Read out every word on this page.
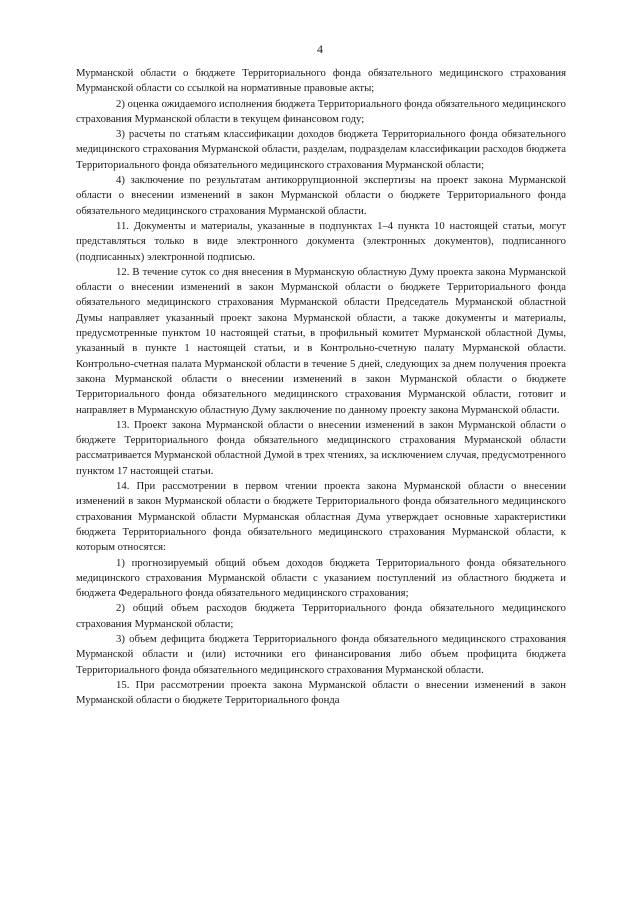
4

Мурманской области о бюджете Территориального фонда обязательного медицинского страхования Мурманской области со ссылкой на нормативные правовые акты;

2) оценка ожидаемого исполнения бюджета Территориального фонда обязательного медицинского страхования Мурманской области в текущем финансовом году;

3) расчеты по статьям классификации доходов бюджета Территориального фонда обязательного медицинского страхования Мурманской области, разделам, подразделам классификации расходов бюджета Территориального фонда обязательного медицинского страхования Мурманской области;

4) заключение по результатам антикоррупционной экспертизы на проект закона Мурманской области о внесении изменений в закон Мурманской области о бюджете Территориального фонда обязательного медицинского страхования Мурманской области.

11. Документы и материалы, указанные в подпунктах 1–4 пункта 10 настоящей статьи, могут представляться только в виде электронного документа (электронных документов), подписанного (подписанных) электронной подписью.

12. В течение суток со дня внесения в Мурманскую областную Думу проекта закона Мурманской области о внесении изменений в закон Мурманской области о бюджете Территориального фонда обязательного медицинского страхования Мурманской области Председатель Мурманской областной Думы направляет указанный проект закона Мурманской области, а также документы и материалы, предусмотренные пунктом 10 настоящей статьи, в профильный комитет Мурманской областной Думы, указанный в пункте 1 настоящей статьи, и в Контрольно-счетную палату Мурманской области. Контрольно-счетная палата Мурманской области в течение 5 дней, следующих за днем получения проекта закона Мурманской области о внесении изменений в закон Мурманской области о бюджете Территориального фонда обязательного медицинского страхования Мурманской области, готовит и направляет в Мурманскую областную Думу заключение по данному проекту закона Мурманской области.

13. Проект закона Мурманской области о внесении изменений в закон Мурманской области о бюджете Территориального фонда обязательного медицинского страхования Мурманской области рассматривается Мурманской областной Думой в трех чтениях, за исключением случая, предусмотренного пунктом 17 настоящей статьи.

14. При рассмотрении в первом чтении проекта закона Мурманской области о внесении изменений в закон Мурманской области о бюджете Территориального фонда обязательного медицинского страхования Мурманской области Мурманская областная Дума утверждает основные характеристики бюджета Территориального фонда обязательного медицинского страхования Мурманской области, к которым относятся:

1) прогнозируемый общий объем доходов бюджета Территориального фонда обязательного медицинского страхования Мурманской области с указанием поступлений из областного бюджета и бюджета Федерального фонда обязательного медицинского страхования;

2) общий объем расходов бюджета Территориального фонда обязательного медицинского страхования Мурманской области;

3) объем дефицита бюджета Территориального фонда обязательного медицинского страхования Мурманской области и (или) источники его финансирования либо объем профицита бюджета Территориального фонда обязательного медицинского страхования Мурманской области.

15. При рассмотрении проекта закона Мурманской области о внесении изменений в закон Мурманской области о бюджете Территориального фонда
